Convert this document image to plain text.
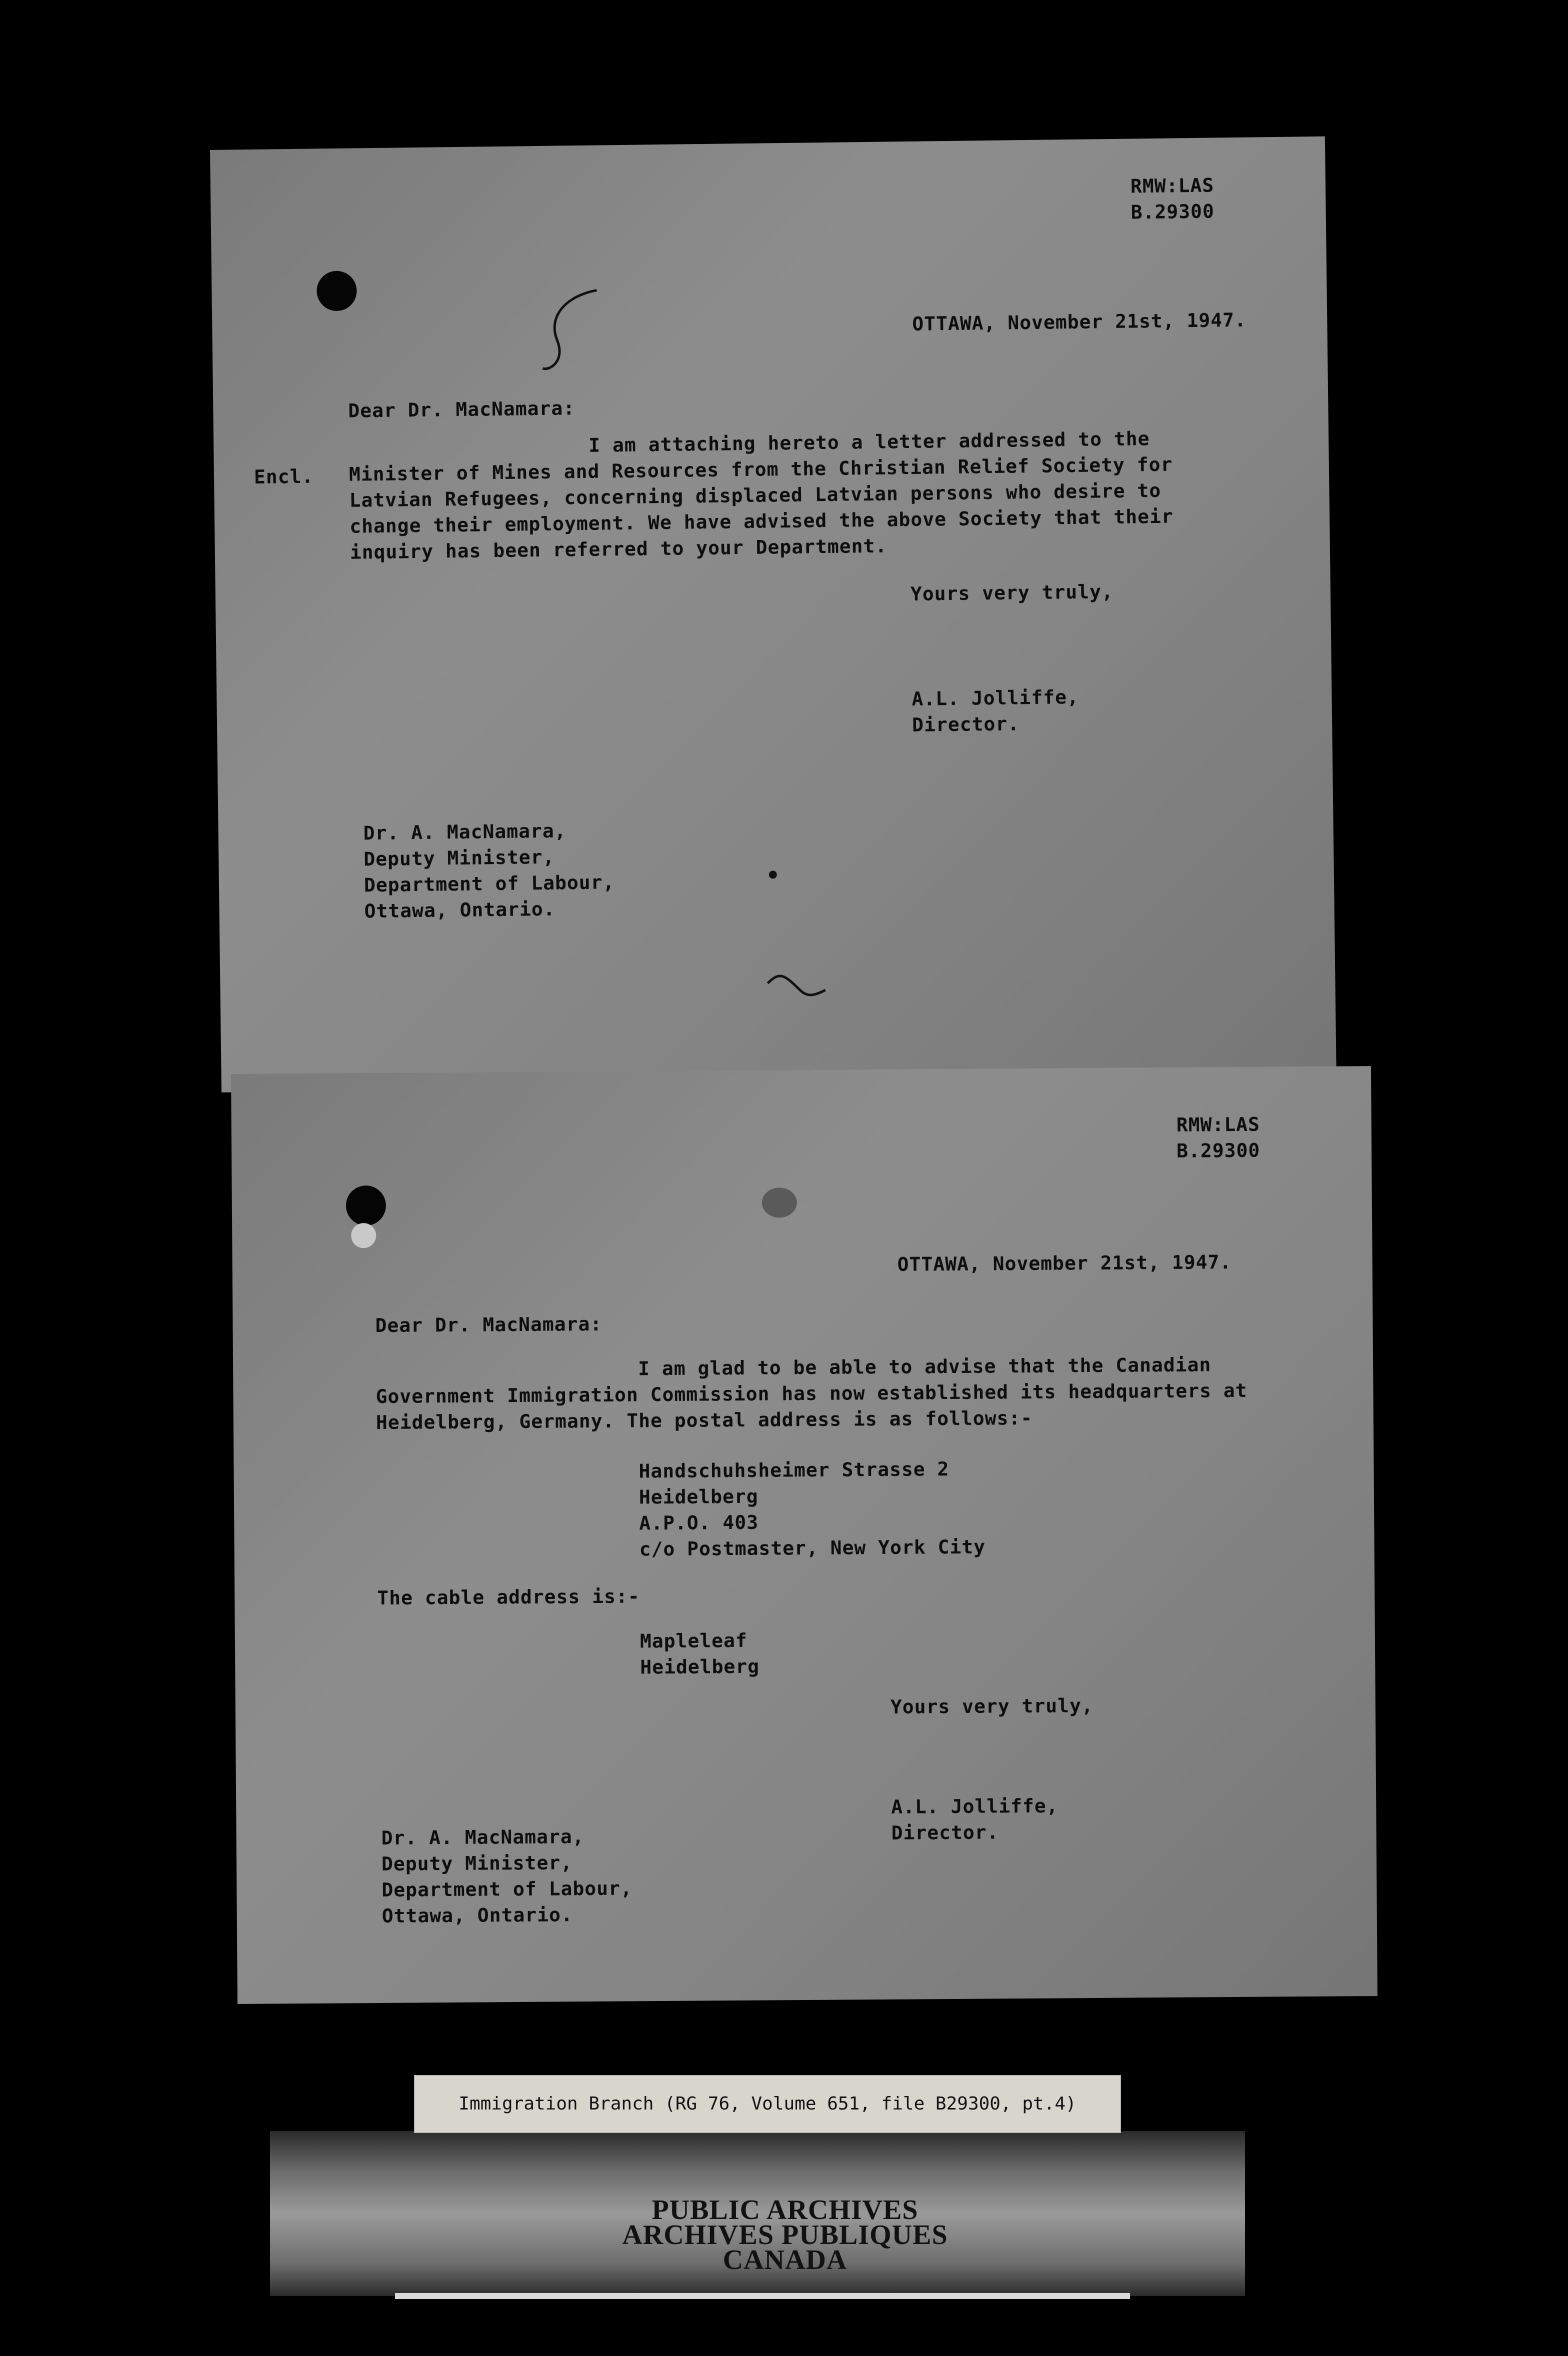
RMW:LAS
B.29300
OTTAWA, November 21st, 1947.
Dear Dr. MacNamara:
Encl.
I am attaching hereto a letter addressed to the
Minister of Mines and Resources from the Christian Relief Society for
Latvian Refugees, concerning displaced Latvian persons who desire to
change their employment. We have advised the above Society that their
inquiry has been referred to your Department.
Yours very truly,
A.L. Jolliffe,
Director.
Dr. A. MacNamara,
Deputy Minister,
Department of Labour,
Ottawa, Ontario.
RMW:LAS
B.29300
OTTAWA, November 21st, 1947.
Dear Dr. MacNamara:
I am glad to be able to advise that the Canadian
Government Immigration Commission has now established its headquarters at
Heidelberg, Germany. The postal address is as follows:-
Handschuhsheimer Strasse 2
Heidelberg
A.P.O. 403
c/o Postmaster, New York City
The cable address is:-
Mapleleaf
Heidelberg
Yours very truly,
A.L. Jolliffe,
Director.
Dr. A. MacNamara,
Deputy Minister,
Department of Labour,
Ottawa, Ontario.
Immigration Branch (RG 76, Volume 651, file B29300, pt.4)
PUBLIC ARCHIVES
ARCHIVES PUBLIQUES
CANADA
